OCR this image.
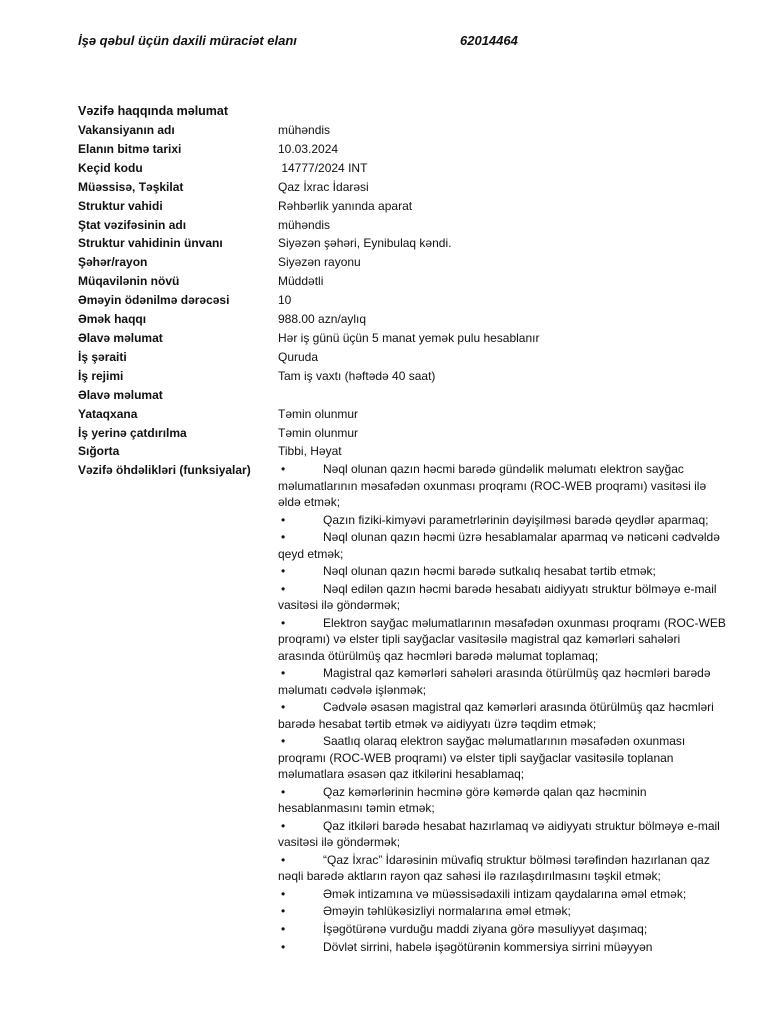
İşə qəbul üçün daxili müraciət elanı	62014464
Vəzifə haqqında məlumat
Vakansiyanın adı	mühəndis
Elanın bitmə tarixi	10.03.2024
Keçid kodu	14777/2024 INT
Müəssisə, Təşkilat	Qaz İxrac İdarəsi
Struktur vahidi	Rəhbərlik yanında aparat
Ştat vəzifəsinin adı	mühəndis
Struktur vahidinin ünvanı	Siyəzən şəhəri, Eynibulaq kəndi.
Şəhər/rayon	Siyəzən rayonu
Müqavilənin növü	Müddətli
Əməyin ödənilmə dərəcəsi	10
Əmək haqqı	988.00 azn/aylıq
Əlavə məlumat	Hər iş günü üçün 5 manat yemək pulu hesablanır
İş şəraiti	Quruda
İş rejimi	Tam iş vaxtı (həftədə 40 saat)
Əlavə məlumat
Yataqxana	Təmin olunmur
İş yerinə çatdırılma	Təmin olunmur
Sığorta	Tibbi, Həyat
Vəzifə öhdəlikləri (funksiyalar)	•	Nəql olunan qazın həcmi barədə gündəlik məlumatı elektron sayğac məlumatlarının məsafədən oxunması proqramı (ROC-WEB proqramı) vasitəsi ilə əldə etmək;
•	Qazın fiziki-kimyəvi parametrlərinin dəyişilməsi barədə qeydlər aparmaq;
•	Nəql olunan qazın həcmi üzrə hesablamalar aparmaq və nəticəni cədvəldə qeyd etmək;
•	Nəql olunan qazın həcmi barədə sutkalıq hesabat tərtib etmək;
•	Nəql edilən qazın həcmi barədə hesabatı aidiyyatı struktur bölməyə e-mail vasitəsi ilə göndərmək;
•	Elektron sayğac məlumatlarının məsafədən oxunması proqramı (ROC-WEB proqramı) və elster tipli sayğaclar vasitəsilə magistral qaz kəmərləri sahələri arasında ötürülmüş qaz həcmləri barədə məlumat toplamaq;
•	Magistral qaz kəmərləri sahələri arasında ötürülmüş qaz həcmləri barədə məlumatı cədvələ işlənmək;
•	Cədvələ əsasən magistral qaz kəmərləri arasında ötürülmüş qaz həcmləri barədə hesabat tərtib etmək və aidiyyatı üzrə təqdim etmək;
•	Saatlıq olaraq elektron sayğac məlumatlarının məsafədən oxunması proqramı (ROC-WEB proqramı) və elster tipli sayğaclar vasitəsilə toplanan məlumatlara əsasən qaz itkilərini hesablamaq;
•	Qaz kəmərlərinin həcminə görə kəmərdə qalan qaz həcminin hesablanmasını təmin etmək;
•	Qaz itkiləri barədə hesabat hazırlamaq və aidiyyatı struktur bölməyə e-mail vasitəsi ilə göndərmək;
•	“Qaz İxrac” İdarəsinin müvafiq struktur bölməsi tərəfindən hazırlanan qaz nəqli barədə aktların rayon qaz sahəsi ilə razılaşdırılmasını təşkil etmək;
•	Əmək intizamına və müəssisədaxili intizam qaydalarına əməl etmək;
•	Əməyin təhlükəsizliyi normalarına əməl etmək;
•	İşəgötürənə vurduğu maddi ziyana görə məsuliyyət daşımaq;
•	Dövlət sirrini, habelə işəgötürənin kommersiya sirrini müəyyən
